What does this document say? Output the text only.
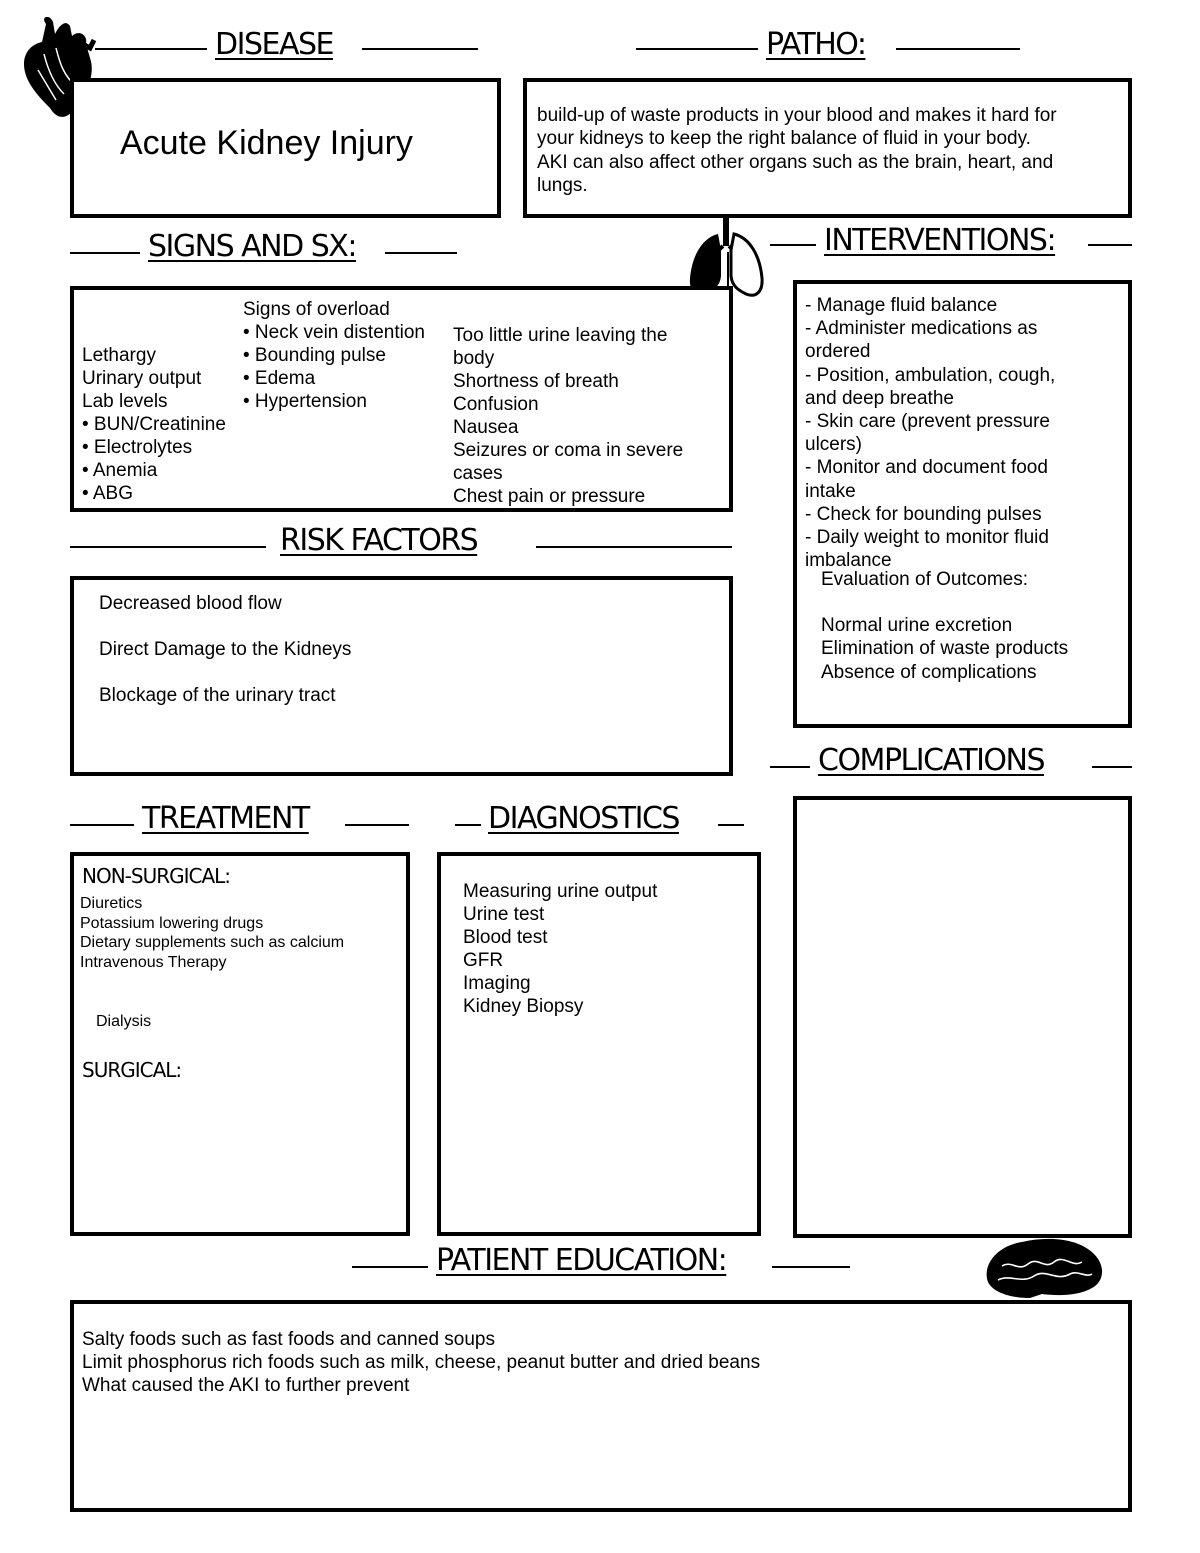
DISEASE
Acute Kidney Injury
PATHO:
build-up of waste products in your blood and makes it hard for
your kidneys to keep the right balance of fluid in your body.
AKI can also affect other organs such as the brain, heart, and
lungs.
SIGNS AND SX:
Lethargy
Urinary output
Lab levels
• BUN/Creatinine
• Electrolytes
• Anemia
• ABG
Signs of overload
• Neck vein distention
• Bounding pulse
• Edema
• Hypertension
Too little urine leaving the
body
Shortness of breath
Confusion
Nausea
Seizures or coma in severe
cases
Chest pain or pressure
INTERVENTIONS:
- Manage fluid balance
- Administer medications as
ordered
- Position, ambulation, cough,
and deep breathe
- Skin care (prevent pressure
ulcers)
- Monitor and document food
intake
- Check for bounding pulses
- Daily weight to monitor fluid
imbalance
Evaluation of Outcomes:
Normal urine excretion
Elimination of waste products
Absence of complications
RISK FACTORS
Decreased blood flow
Direct Damage to the Kidneys
Blockage of the urinary tract
COMPLICATIONS
TREATMENT
NON-SURGICAL:
Diuretics
Potassium lowering drugs
Dietary supplements such as calcium
Intravenous Therapy
Dialysis
SURGICAL:
DIAGNOSTICS
Measuring urine output
Urine test
Blood test
GFR
Imaging
Kidney Biopsy
PATIENT EDUCATION:
Salty foods such as fast foods and canned soups
Limit phosphorus rich foods such as milk, cheese, peanut butter and dried beans
What caused the AKI to further prevent
